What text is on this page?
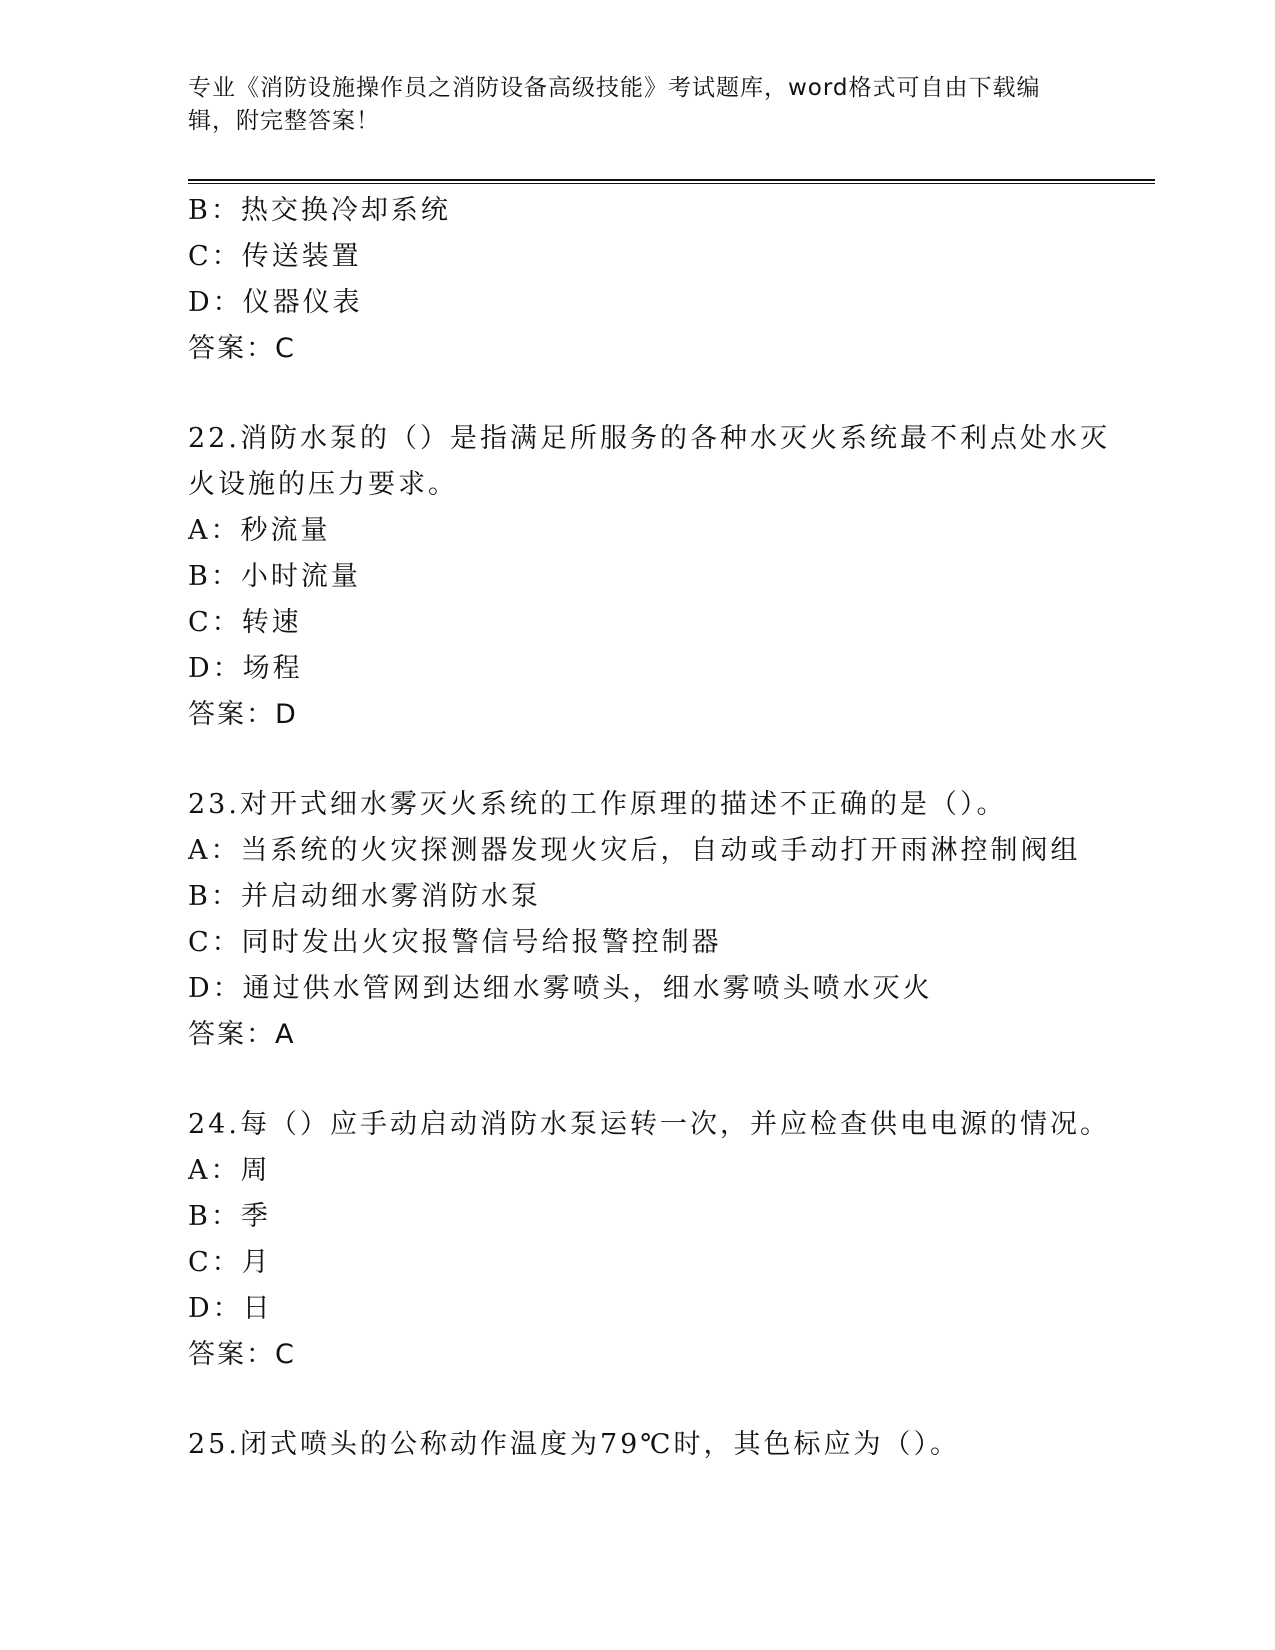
专业《消防设施操作员之消防设备高级技能》考试题库，word格式可自由下载编辑，附完整答案！
B：热交换冷却系统
C：传送装置
D：仪器仪表
答案：C
22.消防水泵的（）是指满足所服务的各种水灭火系统最不利点处水灭
火设施的压力要求。
A：秒流量
B：小时流量
C：转速
D：场程
答案：D
23.对开式细水雾灭火系统的工作原理的描述不正确的是（）。
A：当系统的火灾探测器发现火灾后，自动或手动打开雨淋控制阀组
B：并启动细水雾消防水泵
C：同时发出火灾报警信号给报警控制器
D：通过供水管网到达细水雾喷头，细水雾喷头喷水灭火
答案：A
24.每（）应手动启动消防水泵运转一次，并应检查供电电源的情况。
A：周
B：季
C：月
D：日
答案：C
25.闭式喷头的公称动作温度为79℃时，其色标应为（）。
